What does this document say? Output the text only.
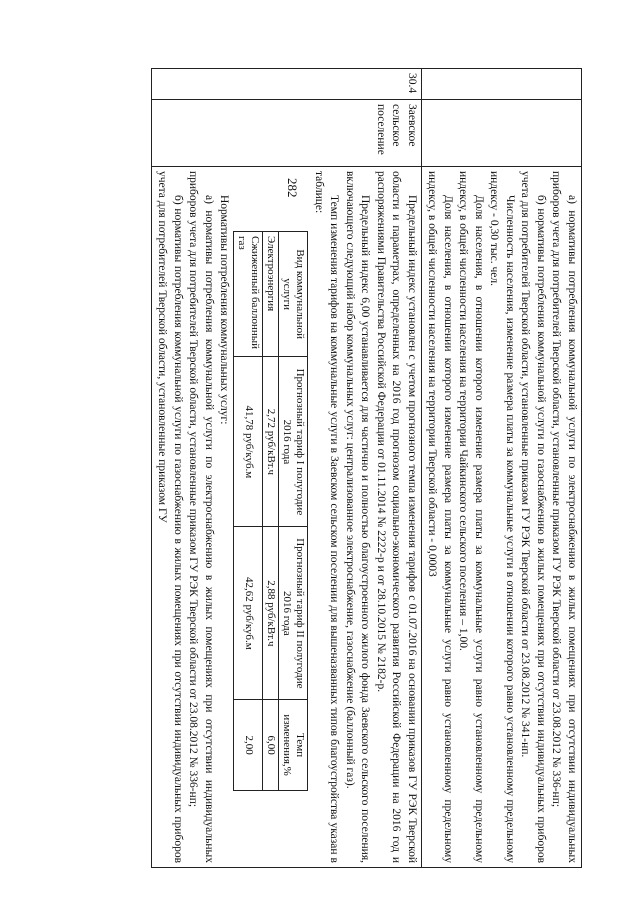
282

а) нормативы потребления коммунальной услуги по электроснабжению в жилых помещениях при отсутствии индивидуальных приборов учета для потребителей Тверской области, установленные приказом ГУ РЭК Тверской области от 23.08.2012 № 336-нп;

б) нормативы потребления коммунальной услуги по газоснабжению в жилых помещениях при отсутствии индивидуальных приборов учета для потребителей Тверской области, установленные приказом ГУ РЭК Тверской области от 23.08.2012 № 341-нп.

Численность населения, изменение размера платы за коммунальные услуги в отношении которого равно установленному предельному индексу - 0,30 тыс. чел.

Доля населения, в отношении которого изменение размера платы за коммунальные услуги равно установленному предельному индексу, в общей численности населения на территории Чайкинского сельского поселения – 1,00.

Доля населения, в отношении которого изменение размера платы за коммунальные услуги равно установленному предельному индексу, в общей численности населения на территории Тверской области - 0,0003

30.4	Заевское сельское поселение	

Предельный индекс установлен с учетом прогнозного темпа изменения тарифов с 01.07.2016 на основании приказов ГУ РЭК Тверской области и параметрах, определенных на 2016 год прогнозом социально-экономического развития Российской Федерации на 2016 год и распоряжениями Правительства Российской Федерации от 01.11.2014 № 2222-р и от 28.10.2015 № 2182-р.

Предельный индекс 6,00 устанавливается для частично и полностью благоустроенного жилого фонда Заевского сельского поселения, включающего следующий набор коммунальных услуг: централизованное электроснабжение, газоснабжение (баллонный газ).

Темп изменения тарифов на коммунальные услуги в Заевском сельском поселении для вышеназванных типов благоустройства указан в таблице:

Вид коммунальной услуги	Прогнозный тариф I полугодие 2016 года	Прогнозный тариф II полугодие 2016 года	Темп изменения,%
Электроэнергия	2,72 руб/кВт.ч	2,88 руб/кВт.ч	6,00
Сжиженный баллонный газ	41,78 руб/куб.м	42,62 руб/куб.м	2,00

Нормативы потребления коммунальных услуг:

а) нормативы потребления коммунальной услуги по электроснабжению в жилых помещениях при отсутствии индивидуальных приборов учета для потребителей Тверской области, установленные приказом ГУ РЭК Тверской области от 23.08.2012 № 336-нп;

б) нормативы потребления коммунальной услуги по газоснабжению в жилых помещениях при отсутствии индивидуальных приборов учета для потребителей Тверской области, установленные приказом ГУ
